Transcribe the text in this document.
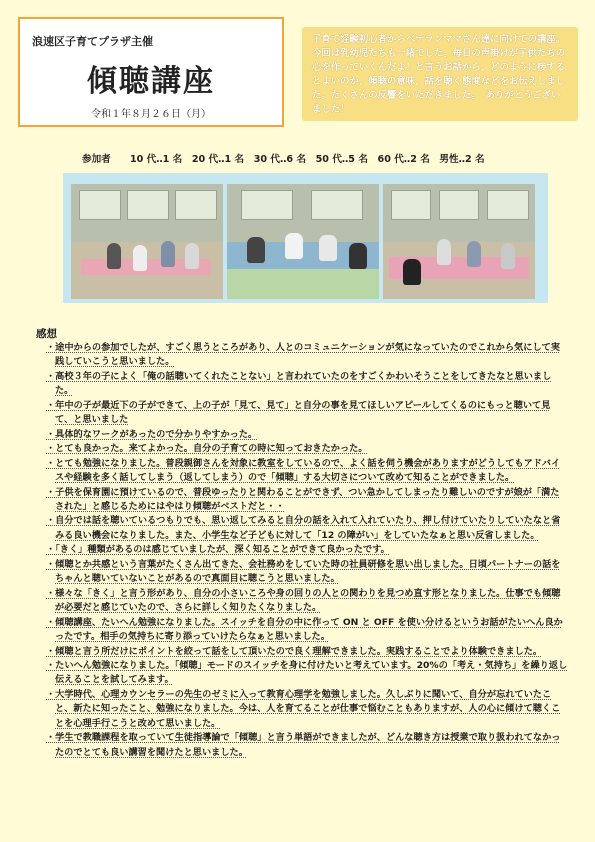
浪速区子育てプラザ主催
傾聴講座
令和１年８月２６日（月）
子育て経験初心者からベテランママさん達に向けての講座。今回は乳幼児たちも一緒でした。毎日の声掛けが子供たちの心を作っていくんだよ！と言うお話から、どのように接するとよいのか、傾聴の意味、話を聴く態度などをお伝えしました。たくさんの反響をいただきました。　ありがとうございました！
参加者　　10 代‥1 名　20 代‥1 名　30 代‥6 名　50 代‥5 名　60 代‥2 名　男性‥2 名
感想
・途中からの参加でしたが、すごく思うところがあり、人とのコミュニケーションが気になっていたのでこれから気にして実践していこうと思いました。
・高校３年の子によく「俺の話聴いてくれたことない」と言われていたのをすごくかわいそうことをしてきたなと思いました。
・年中の子が最近下の子ができて、上の子が「見て、見て」と自分の事を見てほしいアピールしてくるのにもっと聴いて見て、と思いました
・具体的なワークがあったので分かりやすかった。
・とても良かった。来てよかった。自分の子育ての時に知っておきたかった。
・とても勉強になりました。普段親御さんを対象に教室をしているので、よく話を伺う機会がありますがどうしてもアドバイスや経験を多く話してしまう（返してしまう）ので「傾聴」する大切さについて改めて知ることができました。
・子供を保育園に預けているので、普段ゆったりと関わることができず、つい急かしてしまったり難しいのですが娘が「満たされた」と感じるためにはやはり傾聴がベストだと・・
・自分では話を聴いているつもりでも、思い返してみると自分の話を入れて入れていたり、押し付けていたりしていたなと省みる良い機会になりました。また、小学生など子どもに対して「12 の障がい」をしていたなぁと思い反省しました。
・「きく」種類があるのは感じていましたが、深く知ることができて良かったです。
・傾聴とか共感という言葉がたくさん出てきた、会社務めをしていた時の社員研修を思い出しました。日頃パートナーの話をちゃんと聴いていないことがあるので真面目に聴こうと思いました。
・様々な「きく」と言う形があり、自分の小さいころや身の回りの人との関わりを見つめ直す形となりました。仕事でも傾聴が必要だと感じていたので、さらに詳しく知りたくなりました。
・傾聴講座、たいへん勉強になりました。スイッチを自分の中に作って ON と OFF を使い分けるというお話がたいへん良かったです。相手の気持ちに寄り添っていけたらなぁと思いました。
・傾聴と言う所だけにポイントを絞って話をして頂いたので良く理解できました。実践することでより体験できました。
・たいへん勉強になりました。「傾聴」モードのスイッチを身に付けたいと考えています。20%の「考え・気持ち」を繰り返し伝えることを試してみます。
・大学時代、心理カウンセラーの先生のゼミに入って教育心理学を勉強しました。久しぶりに聞いて、自分が忘れていたこと、新たに知ったこと、勉強になりました。今は、人を育てることが仕事で悩むこともありますが、人の心に傾けて聴くことを心理手行こうと改めて思いました。
・学生で教職課程を取っていて生徒指導論で「傾聴」と言う単語ができましたが、どんな聴き方は授業で取り扱われてなかったのでとても良い講習を聞けたと思いました。
